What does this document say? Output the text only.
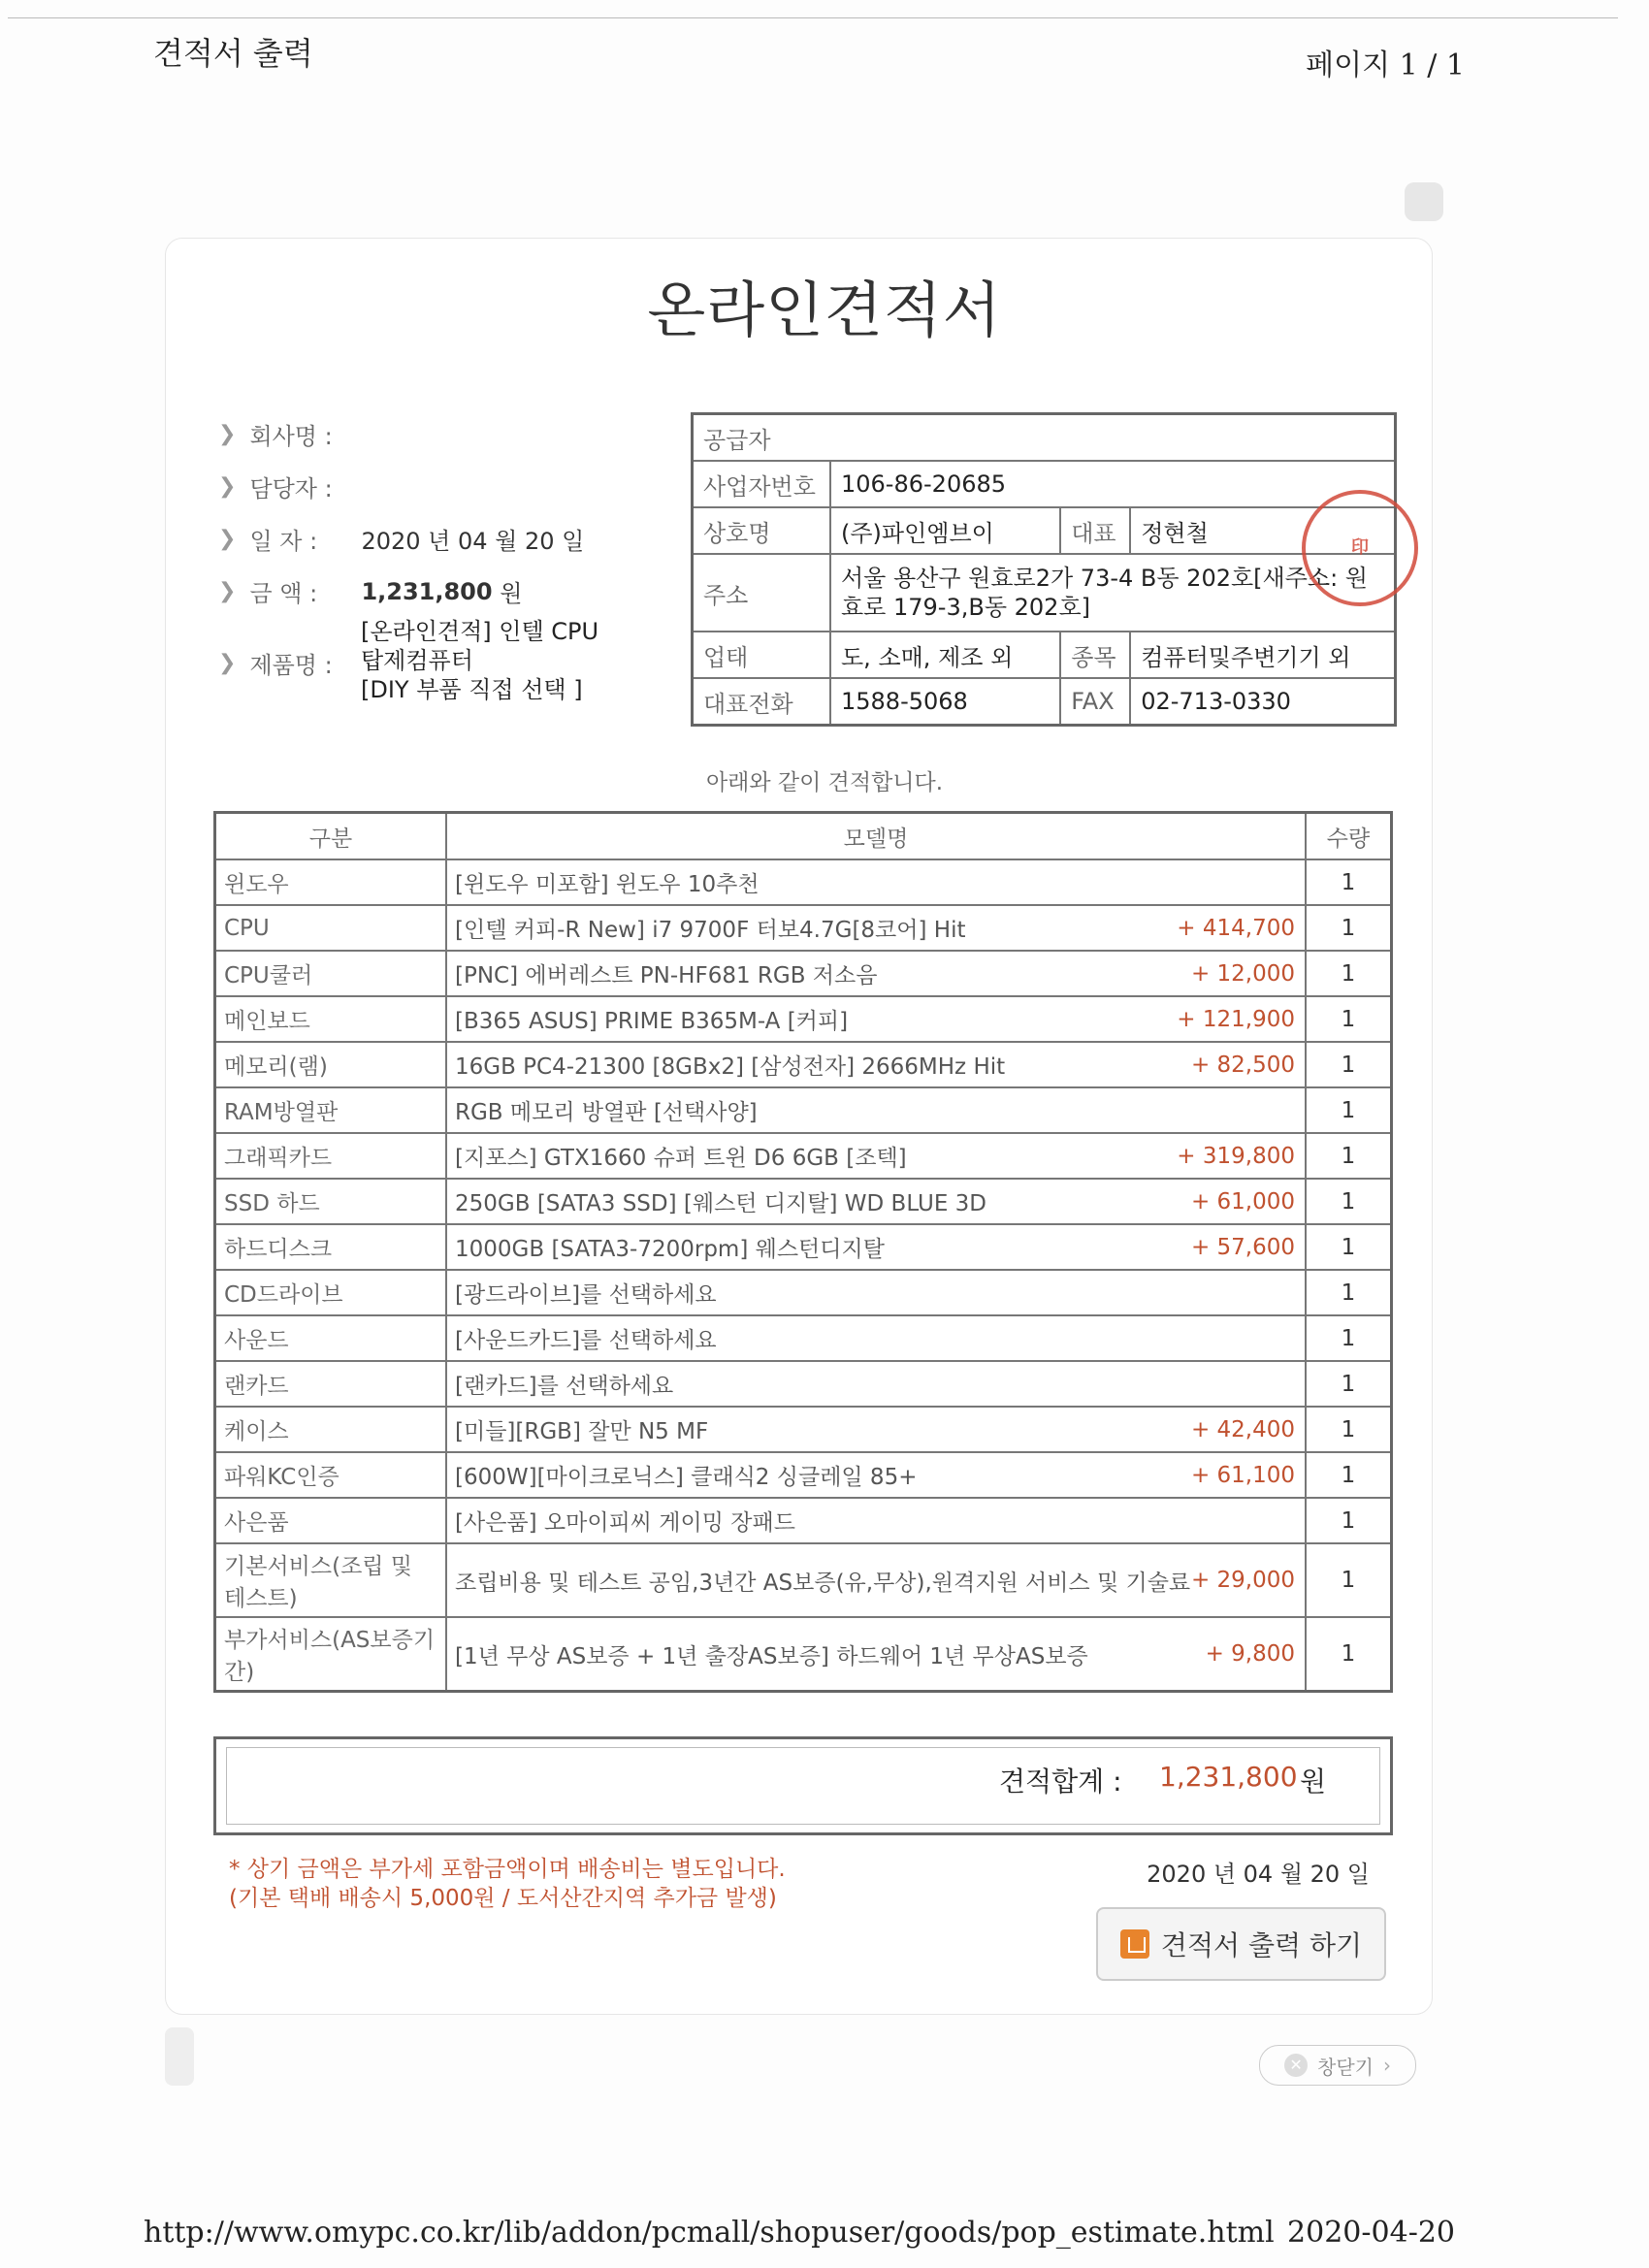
견적서 출력	페이지 1 / 1
온라인견적서
❯ 회사명 :
❯ 담당자 :
❯ 일 자 :	2020 년 04 월 20 일
❯ 금 액 :	1,231,800
원
❯ 제품명 :
[온라인견적] 인텔 CPU
탑제컴퓨터
[DIY 부품 직접 선택 ]
공급자			
사업자번호	106-86-20685		
상호명	(주)파인엠브이	대표	정현철
주소	서울 용산구 원효로2가 73-4 B동 202호[새주소: 원효로 179-3,B동 202호]		
업태	도, 소매, 제조 외	종목	컴퓨터및주변기기 외
대표전화	1588-5068	FAX	02-713-0330
印
아래와 같이 견적합니다.
구분	모델명	수량
윈도우	[윈도우 미포함] 윈도우 10추천	1
CPU	[인텔 커피-R New] i7 9700F 터보4.7G[8코어] Hit + 414,700	1
CPU쿨러	[PNC] 에버레스트 PN-HF681 RGB 저소음 + 12,000	1
메인보드	[B365 ASUS] PRIME B365M-A [커피] + 121,900	1
메모리(램)	16GB PC4-21300 [8GBx2] [삼성전자] 2666MHz Hit + 82,500	1
RAM방열판	RGB 메모리 방열판 [선택사양]	1
그래픽카드	[지포스] GTX1660 슈퍼 트윈 D6 6GB [조텍] + 319,800	1
SSD 하드	250GB [SATA3 SSD] [웨스턴 디지탈] WD BLUE 3D + 61,000	1
하드디스크	1000GB [SATA3-7200rpm] 웨스턴디지탈 + 57,600	1
CD드라이브	[광드라이브]를 선택하세요	1
사운드	[사운드카드]를 선택하세요	1
랜카드	[랜카드]를 선택하세요	1
케이스	[미들][RGB] 잘만 N5 MF + 42,400	1
파워KC인증	[600W][마이크로닉스] 클래식2 싱글레일 85+ + 61,100	1
사은품	[사은품] 오마이피씨 게이밍 장패드	1
기본서비스(조립 및 테스트)	조립비용 및 테스트 공임,3년간 AS보증(유,무상),원격지원 서비스 및 기술료 + 29,000	1
부가서비스(AS보증기간)	[1년 무상 AS보증 + 1년 출장AS보증] 하드웨어 1년 무상AS보증 + 9,800	1
견적합계 : 1,231,800 원
* 상기 금액은 부가세 포함금액이며 배송비는 별도입니다.
(기본 택배 배송시 5,000원 / 도서산간지역 추가금 발생)
2020 년 04 월 20 일
견적서 출력 하기
✕ 창닫기 ›
http://www.omypc.co.kr/lib/addon/pcmall/shopuser/goods/pop_estimate.html 2020-04-20
